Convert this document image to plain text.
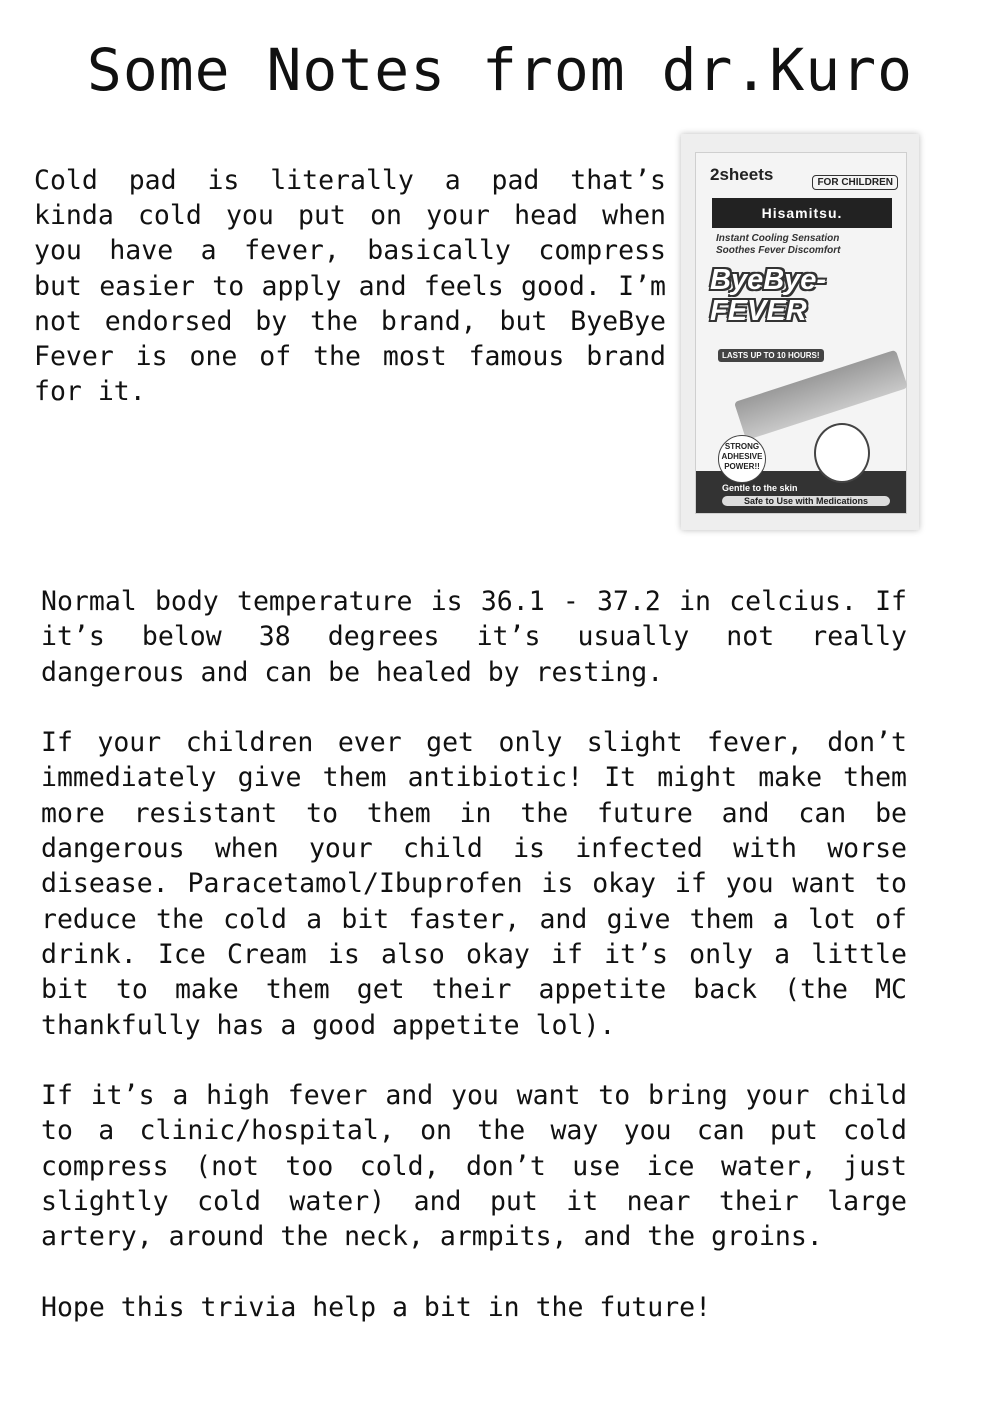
Some Notes from dr.Kuro

Cold pad is literally a pad that’s kinda cold you put on your head when you have a fever, basically compress but easier to apply and feels good. I’m not endorsed by the brand, but ByeBye Fever is one of the most famous brand for it.

2sheets	FOR CHILDREN
Hisamitsu.
Instant Cooling Sensation
Soothes Fever Discomfort
ByeBye-
FEVER
LASTS UP TO 10 HOURS!
STRONG ADHESIVE POWER!!
Gentle to the skin
Safe to Use with Medications

Normal body temperature is 36.1 - 37.2 in celcius. If it’s below 38 degrees it’s usually not really dangerous and can be healed by resting.

If your children ever get only slight fever, don’t immediately give them antibiotic! It might make them more resistant to them in the future and can be dangerous when your child is infected with worse disease. Paracetamol/Ibuprofen is okay if you want to reduce the cold a bit faster, and give them a lot of drink. Ice Cream is also okay if it’s only a little bit to make them get their appetite back (the MC thankfully has a good appetite lol).

If it’s a high fever and you want to bring your child to a clinic/hospital, on the way you can put cold compress (not too cold, don’t use ice water, just slightly cold water) and put it near their large artery, around the neck, armpits, and the groins.

Hope this trivia help a bit in the future!
